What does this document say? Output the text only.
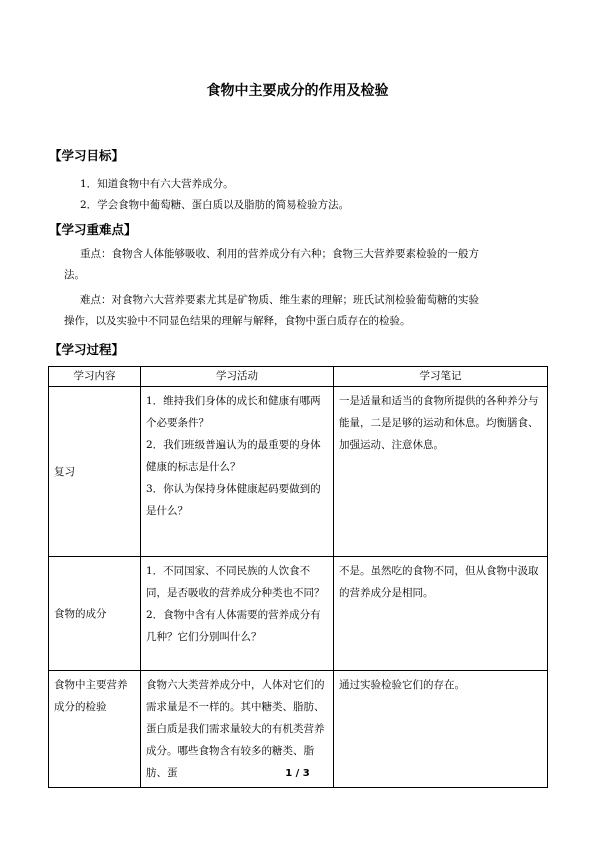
食物中主要成分的作用及检验
【学习目标】
1．知道食物中有六大营养成分。
2．学会食物中葡萄糖、蛋白质以及脂肪的简易检验方法。
【学习重难点】
重点：食物含人体能够吸收、利用的营养成分有六种；食物三大营养要素检验的一般方
法。
难点：对食物六大营养要素尤其是矿物质、维生素的理解；班氏试剂检验葡萄糖的实验
操作，以及实验中不同显色结果的理解与解释，食物中蛋白质存在的检验。
【学习过程】
学习内容	学习活动	学习笔记
复习	1．维持我们身体的成长和健康有哪两个必要条件？
2．我们班级普遍认为的最重要的身体健康的标志是什么？
3．你认为保持身体健康起码要做到的是什么？	一是适量和适当的食物所提供的各种养分与能量，二是足够的运动和休息。均衡膳食、加强运动、注意休息。
食物的成分	1．不同国家、不同民族的人饮食不同，是否吸收的营养成分种类也不同？
2．食物中含有人体需要的营养成分有几种？它们分别叫什么？	不是。虽然吃的食物不同，但从食物中汲取的营养成分是相同。
食物中主要营养成分的检验	食物六大类营养成分中，人体对它们的需求量是不一样的。其中糖类、脂肪、蛋白质是我们需求量较大的有机类营养成分。哪些食物含有较多的糖类、脂肪、蛋	通过实验检验它们的存在。
1 / 3
